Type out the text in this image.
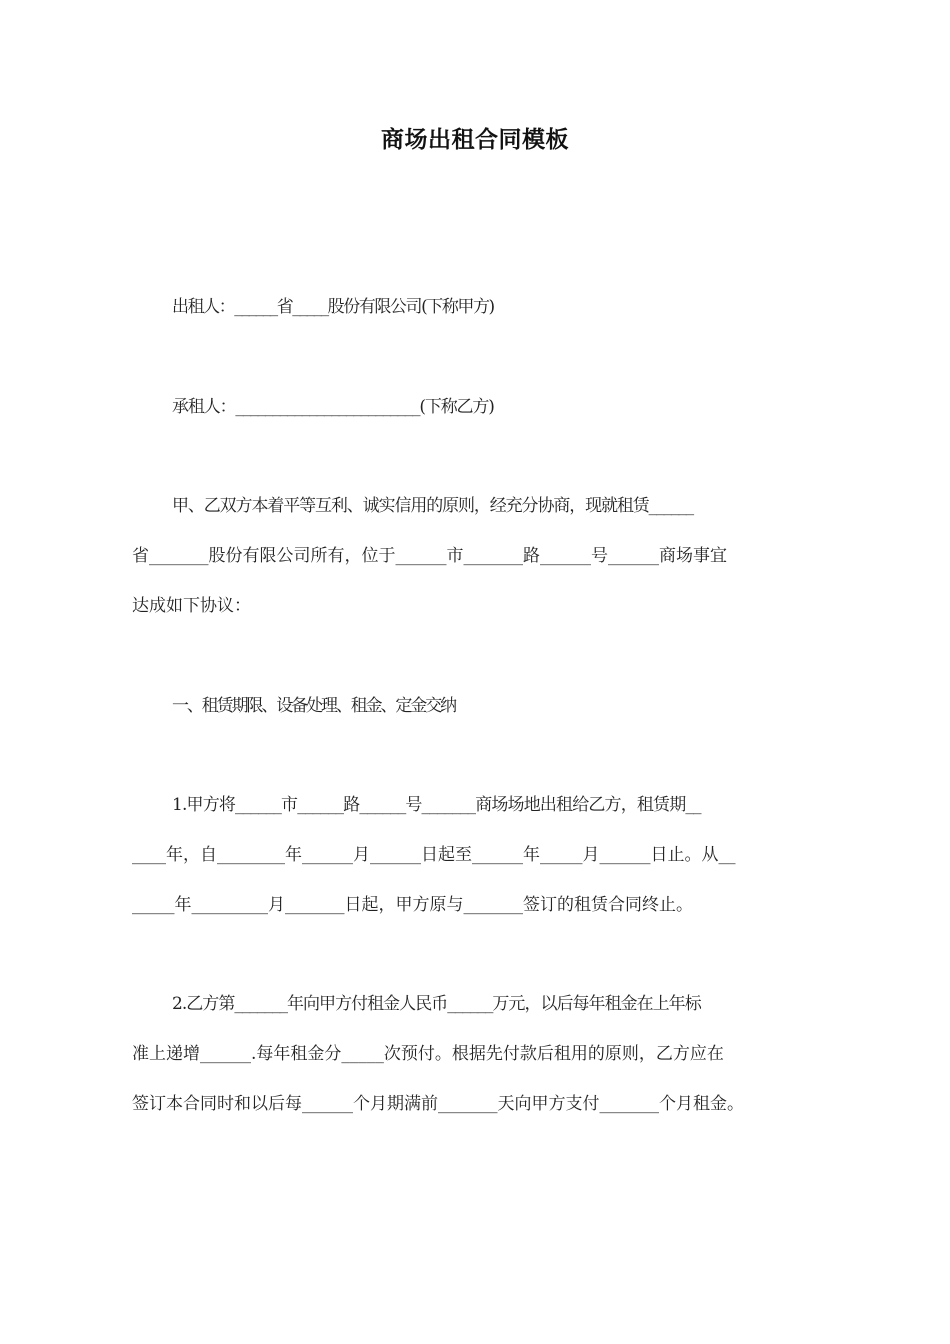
商场出租合同模板
出租人：______省_____股份有限公司(下称甲方)
承租人：_________________________(下称乙方)
甲、乙双方本着平等互利、诚实信用的原则，经充分协商，现就租赁______
省_______股份有限公司所有，位于______市_______路______号______商场事宜
达成如下协议：
一、租赁期限、设备处理、租金、定金交纳
1.甲方将______市______路______号_______商场场地出租给乙方，租赁期__
____年，自________年______月______日起至______年_____月______日止。从__
_____年_________月_______日起，甲方原与_______签订的租赁合同终止。
2.乙方第_______年向甲方付租金人民币______万元，以后每年租金在上年标
准上递增______.每年租金分_____次预付。根据先付款后租用的原则，乙方应在
签订本合同时和以后每______个月期满前_______天向甲方支付_______个月租金。
